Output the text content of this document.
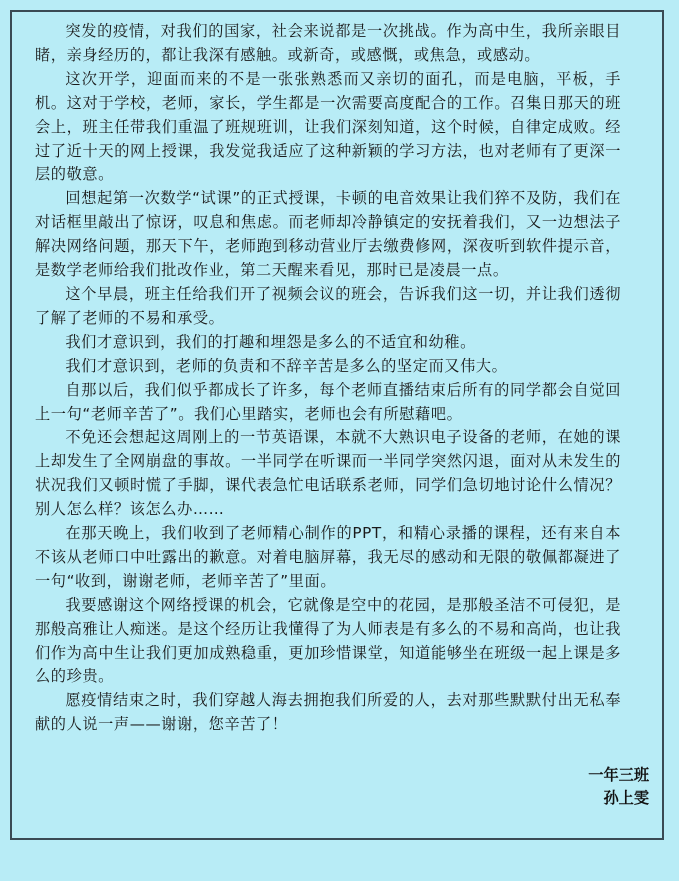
突发的疫情，对我们的国家，社会来说都是一次挑战。作为高中生，我所亲眼目睹，亲身经历的，都让我深有感触。或新奇，或感慨，或焦急，或感动。

这次开学，迎面而来的不是一张张熟悉而又亲切的面孔，而是电脑，平板，手机。这对于学校，老师，家长，学生都是一次需要高度配合的工作。召集日那天的班会上，班主任带我们重温了班规班训，让我们深刻知道，这个时候，自律定成败。经过了近十天的网上授课，我发觉我适应了这种新颖的学习方法，也对老师有了更深一层的敬意。

回想起第一次数学“试课”的正式授课，卡顿的电音效果让我们猝不及防，我们在对话框里敲出了惊讶，叹息和焦虑。而老师却冷静镇定的安抚着我们，又一边想法子解决网络问题，那天下午，老师跑到移动营业厅去缴费修网，深夜听到软件提示音，是数学老师给我们批改作业，第二天醒来看见，那时已是凌晨一点。

这个早晨，班主任给我们开了视频会议的班会，告诉我们这一切，并让我们透彻了解了老师的不易和承受。

我们才意识到，我们的打趣和埋怨是多么的不适宜和幼稚。

我们才意识到，老师的负责和不辞辛苦是多么的坚定而又伟大。

自那以后，我们似乎都成长了许多，每个老师直播结束后所有的同学都会自觉回上一句“老师辛苦了”。我们心里踏实，老师也会有所慰藉吧。

不免还会想起这周刚上的一节英语课，本就不大熟识电子设备的老师，在她的课上却发生了全网崩盘的事故。一半同学在听课而一半同学突然闪退，面对从未发生的状况我们又顿时慌了手脚，课代表急忙电话联系老师，同学们急切地讨论什么情况？别人怎么样？该怎么办……

在那天晚上，我们收到了老师精心制作的PPT，和精心录播的课程，还有来自本不该从老师口中吐露出的歉意。对着电脑屏幕，我无尽的感动和无限的敬佩都凝进了一句“收到，谢谢老师，老师辛苦了”里面。

我要感谢这个网络授课的机会，它就像是空中的花园，是那般圣洁不可侵犯，是那般高雅让人痴迷。是这个经历让我懂得了为人师表是有多么的不易和高尚，也让我们作为高中生让我们更加成熟稳重，更加珍惜课堂，知道能够坐在班级一起上课是多么的珍贵。

愿疫情结束之时，我们穿越人海去拥抱我们所爱的人，去对那些默默付出无私奉献的人说一声——谢谢，您辛苦了！

一年三班
孙上雯
